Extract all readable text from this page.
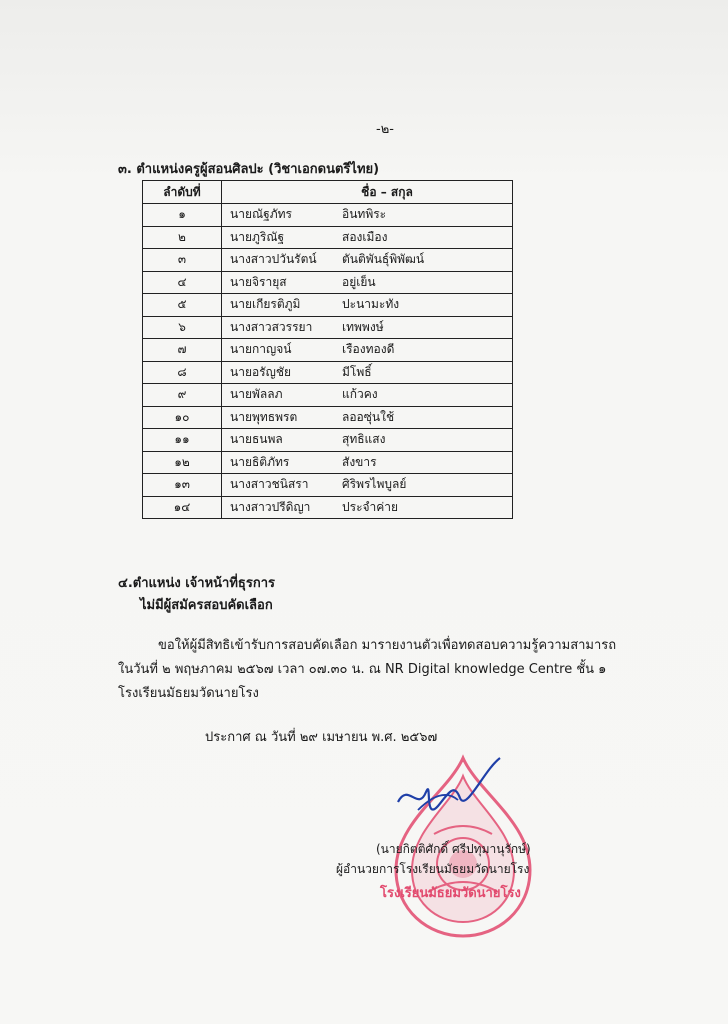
-๒-
๓. ตำแหน่งครูผู้สอนศิลปะ (วิชาเอกดนตรีไทย)
ลำดับที่	ชื่อ – สกุล
๑	นายณัฐภัทร อินทพิระ

๒	นายภูริณัฐ สองเมือง

๓	นางสาวปวันรัตน์ ตันติพันธุ์พิพัฒน์

๔	นายจิรายุส อยู่เย็น

๕	นายเกียรติภูมิ ปะนามะทัง

๖	นางสาวสวรรยา เทพพงษ์

๗	นายกาญจน์ เรืองทองดี

๘	นายอรัญชัย มีโพธิ์

๙	นายพัลลภ แก้วคง

๑๐	นายพุทธพรต ลออซุ่นใช้

๑๑	นายธนพล สุทธิแสง

๑๒	นายธิติภัทร สังขาร

๑๓	นางสาวชนิสรา ศิริพรไพบูลย์

๑๔	นางสาวปรีดิญา ประจำค่าย
๔.ตำแหน่ง เจ้าหน้าที่ธุรการ
ไม่มีผู้สมัครสอบคัดเลือก
ขอให้ผู้มีสิทธิเข้ารับการสอบคัดเลือก มารายงานตัวเพื่อทดสอบความรู้ความสามารถ
ในวันที่ ๒ พฤษภาคม ๒๕๖๗ เวลา ๐๗.๓๐ น. ณ NR Digital knowledge Centre ชั้น ๑
โรงเรียนมัธยมวัดนายโรง
ประกาศ ณ วันที่ ๒๙ เมษายน พ.ศ. ๒๕๖๗
(นายกิตติศักดิ์ ศรีปทุมานุรักษ์)
ผู้อำนวยการโรงเรียนมัธยมวัดนายโรง
โรงเรียนมัธยมวัดนายโรง
